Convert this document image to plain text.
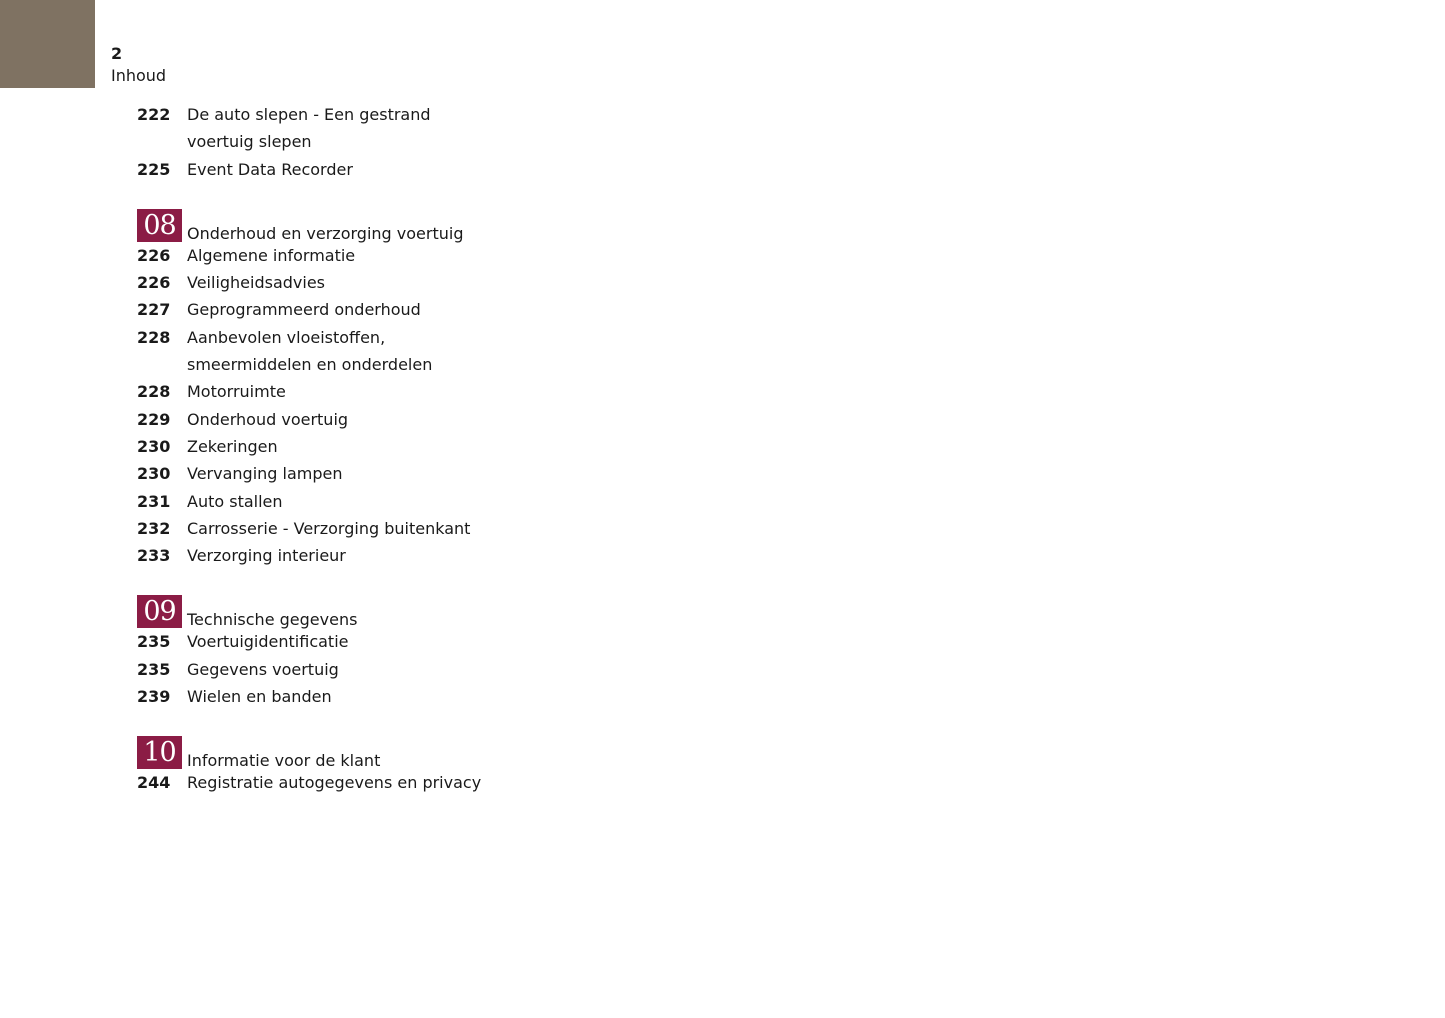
2
Inhoud
222	De auto slepen - Een gestrand voertuig slepen
225	Event Data Recorder
08 Onderhoud en verzorging voertuig
226	Algemene informatie
226	Veiligheidsadvies
227	Geprogrammeerd onderhoud
228	Aanbevolen vloeistoffen, smeermiddelen en onderdelen
228	Motorruimte
229	Onderhoud voertuig
230	Zekeringen
230	Vervanging lampen
231	Auto stallen
232	Carrosserie - Verzorging buitenkant
233	Verzorging interieur
09 Technische gegevens
235	Voertuigidentificatie
235	Gegevens voertuig
239	Wielen en banden
10 Informatie voor de klant
244	Registratie autogegevens en privacy
